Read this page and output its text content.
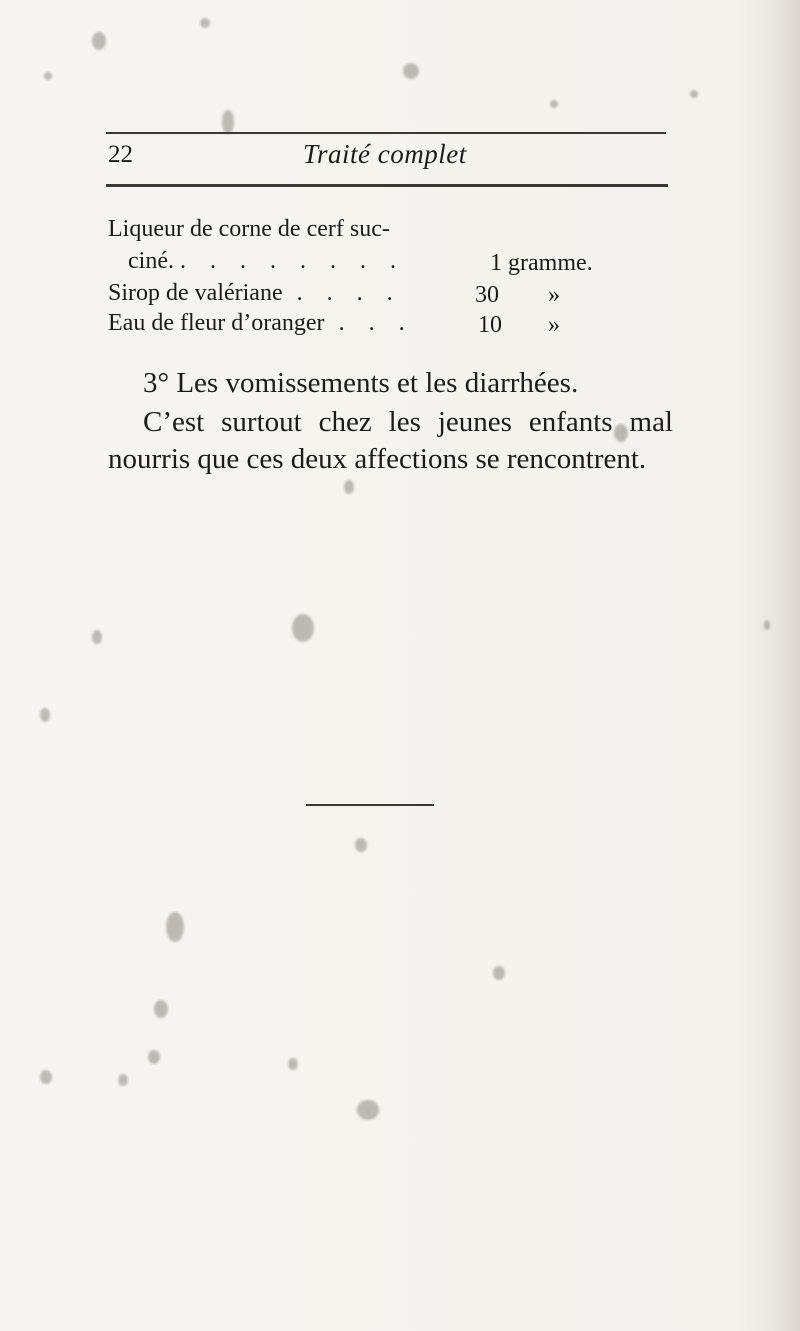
22	Traité complet
Liqueur de corne de cerf suc-
ciné. . . . . . . . .	1 gramme.
Sirop de valériane . . . .	30 »
Eau de fleur d’oranger . . .	10 »
3° Les vomissements et les diarrhées.
C’est surtout chez les jeunes enfants mal nourris que ces deux affections se rencontrent.
